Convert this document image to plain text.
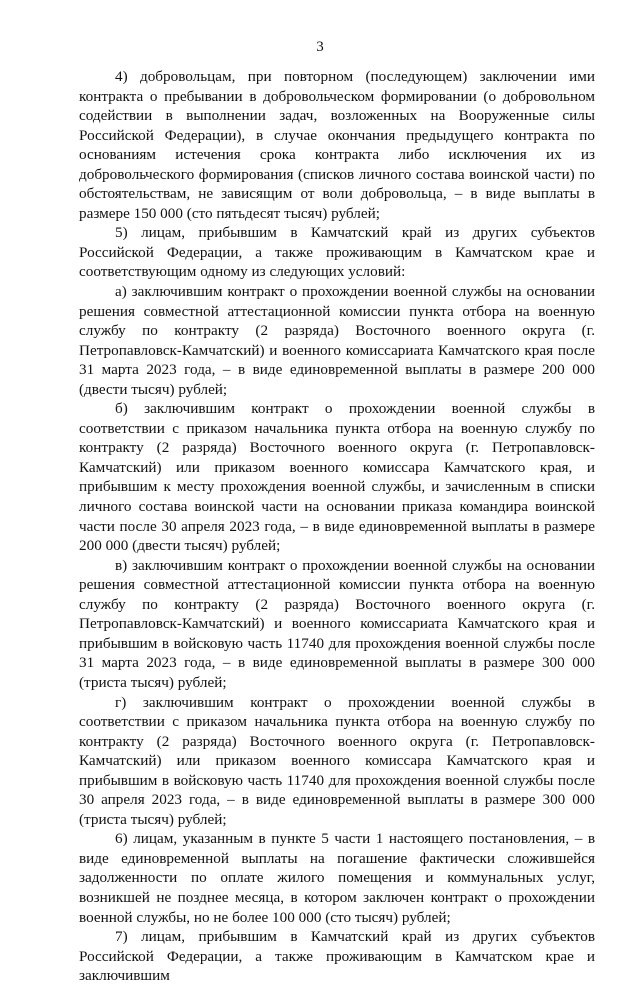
3

4) добровольцам, при повторном (последующем) заключении ими контракта о пребывании в добровольческом формировании (о добровольном содействии в выполнении задач, возложенных на Вооруженные силы Российской Федерации), в случае окончания предыдущего контракта по основаниям истечения срока контракта либо исключения их из добровольческого формирования (списков личного состава воинской части) по обстоятельствам, не зависящим от воли добровольца, – в виде выплаты в размере 150 000 (сто пятьдесят тысяч) рублей;

5) лицам, прибывшим в Камчатский край из других субъектов Российской Федерации, а также проживающим в Камчатском крае и соответствующим одному из следующих условий:

а) заключившим контракт о прохождении военной службы на основании решения совместной аттестационной комиссии пункта отбора на военную службу по контракту (2 разряда) Восточного военного округа (г. Петропавловск-Камчатский) и военного комиссариата Камчатского края после 31 марта 2023 года, – в виде единовременной выплаты в размере 200 000 (двести тысяч) рублей;

б) заключившим контракт о прохождении военной службы в соответствии с приказом начальника пункта отбора на военную службу по контракту (2 разряда) Восточного военного округа (г. Петропавловск-Камчатский) или приказом военного комиссара Камчатского края, и прибывшим к месту прохождения военной службы, и зачисленным в списки личного состава воинской части на основании приказа командира воинской части после 30 апреля 2023 года, – в виде единовременной выплаты в размере 200 000 (двести тысяч) рублей;

в) заключившим контракт о прохождении военной службы на основании решения совместной аттестационной комиссии пункта отбора на военную службу по контракту (2 разряда) Восточного военного округа (г. Петропавловск-Камчатский) и военного комиссариата Камчатского края и прибывшим в войсковую часть 11740 для прохождения военной службы после 31 марта 2023 года, – в виде единовременной выплаты в размере 300 000 (триста тысяч) рублей;

г) заключившим контракт о прохождении военной службы в соответствии с приказом начальника пункта отбора на военную службу по контракту (2 разряда) Восточного военного округа (г. Петропавловск-Камчатский) или приказом военного комиссара Камчатского края и прибывшим в войсковую часть 11740 для прохождения военной службы после 30 апреля 2023 года, – в виде единовременной выплаты в размере 300 000 (триста тысяч) рублей;

6) лицам, указанным в пункте 5 части 1 настоящего постановления, – в виде единовременной выплаты на погашение фактически сложившейся задолженности по оплате жилого помещения и коммунальных услуг, возникшей не позднее месяца, в котором заключен контракт о прохождении военной службы, но не более 100 000 (сто тысяч) рублей;

7) лицам, прибывшим в Камчатский край из других субъектов Российской Федерации, а также проживающим в Камчатском крае и заключившим
